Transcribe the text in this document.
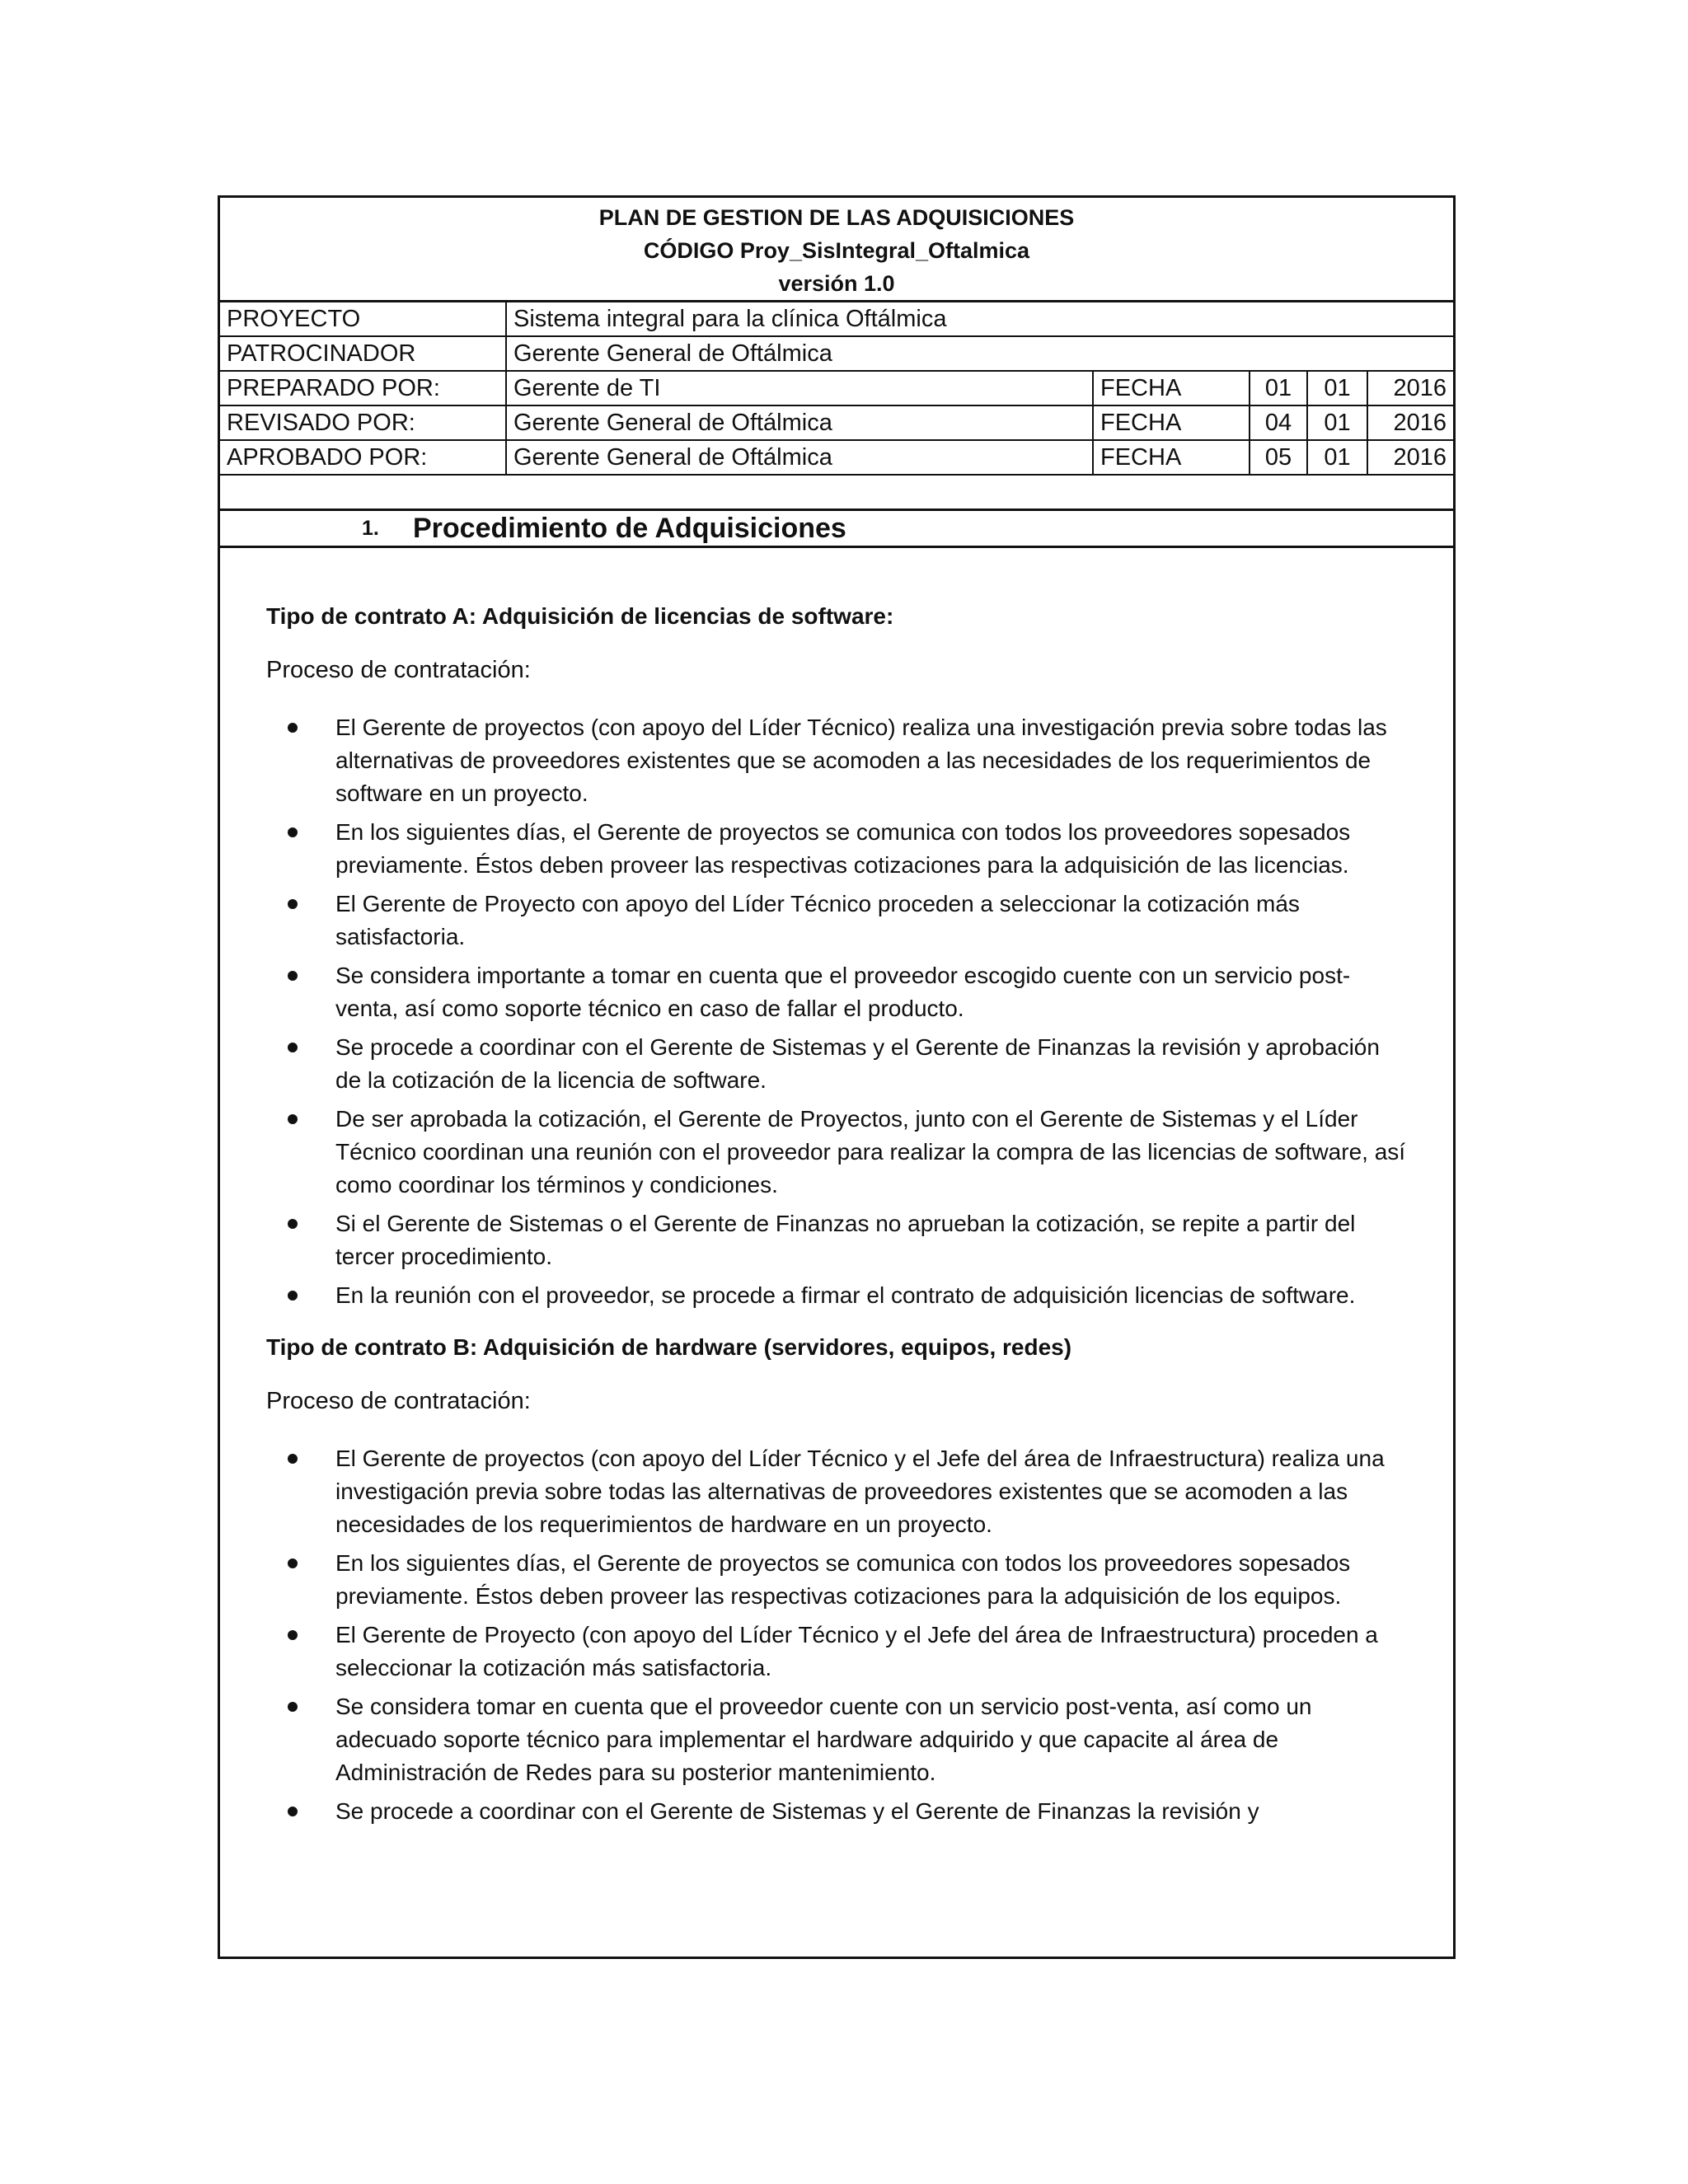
PLAN DE GESTION DE LAS ADQUISICIONES
CÓDIGO Proy_SisIntegral_Oftalmica
versión 1.0
PROYECTO	Sistema integral para la clínica Oftálmica				
PATROCINADOR	Gerente General de Oftálmica				
PREPARADO POR:	Gerente de TI	FECHA	01	01	2016
REVISADO POR:	Gerente General de Oftálmica	FECHA	04	01	2016
APROBADO POR:	Gerente General de Oftálmica	FECHA	05	01	2016
1.	Procedimiento de Adquisiciones
Tipo de contrato A: Adquisición de licencias de software:
Proceso de contratación:
El Gerente de proyectos (con apoyo del Líder Técnico) realiza una investigación previa sobre todas las alternativas de proveedores existentes que se acomoden a las necesidades de los requerimientos de software en un proyecto.
En los siguientes días, el Gerente de proyectos se comunica con todos los proveedores sopesados previamente. Éstos deben proveer las respectivas cotizaciones para la adquisición de las licencias.
El Gerente de Proyecto con apoyo del Líder Técnico proceden a seleccionar la cotización más satisfactoria.
Se considera importante a tomar en cuenta que el proveedor escogido cuente con un servicio post-venta, así como soporte técnico en caso de fallar el producto.
Se procede a coordinar con el Gerente de Sistemas y el Gerente de Finanzas la revisión y aprobación de la cotización de la licencia de software.
De ser aprobada la cotización, el Gerente de Proyectos, junto con el Gerente de Sistemas y el Líder Técnico coordinan una reunión con el proveedor para realizar la compra de las licencias de software, así como coordinar los términos y condiciones.
Si el Gerente de Sistemas o el Gerente de Finanzas no aprueban la cotización, se repite a partir del tercer procedimiento.
En la reunión con el proveedor, se procede a firmar el contrato de adquisición licencias de software.
Tipo de contrato B: Adquisición de hardware (servidores, equipos, redes)
Proceso de contratación:
El Gerente de proyectos (con apoyo del Líder Técnico y el Jefe del área de Infraestructura) realiza una investigación previa sobre todas las alternativas de proveedores existentes que se acomoden a las necesidades de los requerimientos de hardware en un proyecto.
En los siguientes días, el Gerente de proyectos se comunica con todos los proveedores sopesados previamente. Éstos deben proveer las respectivas cotizaciones para la adquisición de los equipos.
El Gerente de Proyecto (con apoyo del Líder Técnico y el Jefe del área de Infraestructura) proceden a seleccionar la cotización más satisfactoria.
Se considera tomar en cuenta que el proveedor cuente con un servicio post-venta, así como un adecuado soporte técnico para implementar el hardware adquirido y que capacite al área de Administración de Redes para su posterior mantenimiento.
Se procede a coordinar con el Gerente de Sistemas y el Gerente de Finanzas la revisión y
